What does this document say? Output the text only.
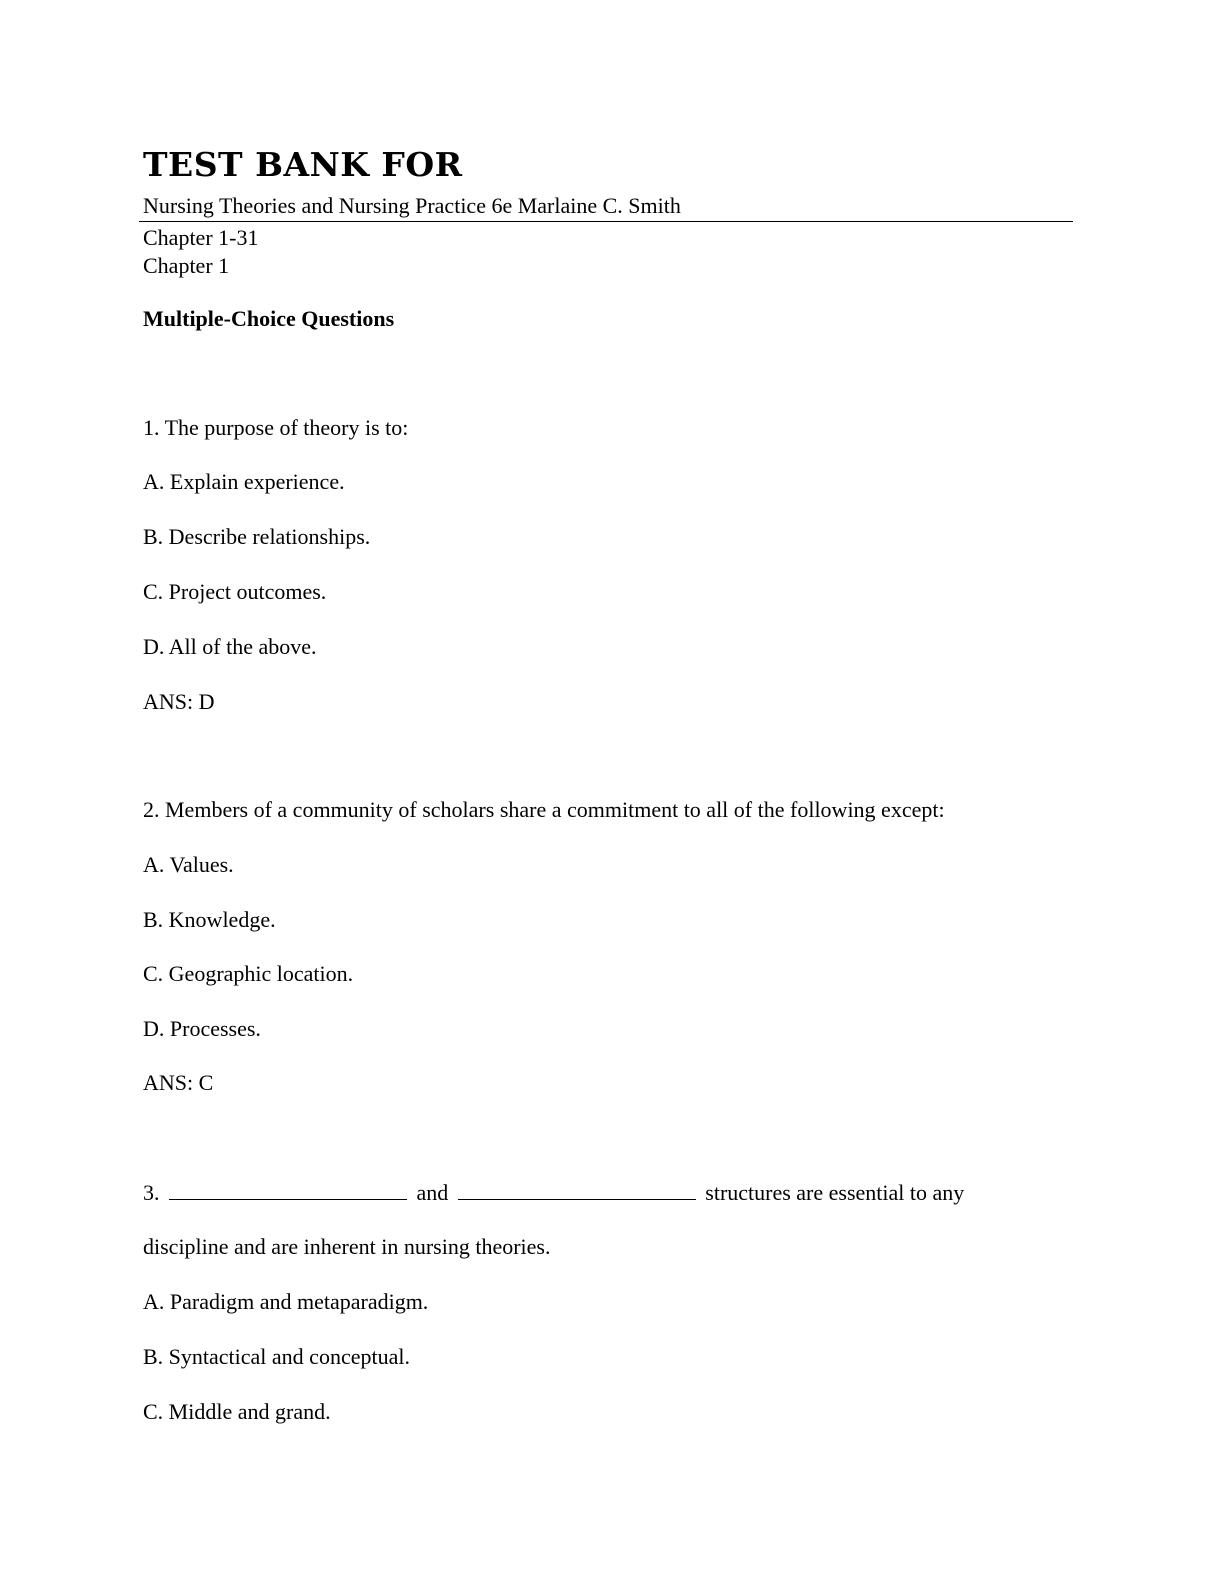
TEST BANK FOR
Nursing Theories and Nursing Practice 6e Marlaine C. Smith
Chapter 1-31
Chapter 1
Multiple-Choice Questions
1. The purpose of theory is to:
A. Explain experience.
B. Describe relationships.
C. Project outcomes.
D. All of the above.
ANS: D
2. Members of a community of scholars share a commitment to all of the following except:
A. Values.
B. Knowledge.
C. Geographic location.
D. Processes.
ANS: C
3.	and	structures are essential to any
discipline and are inherent in nursing theories.
A. Paradigm and metaparadigm.
B. Syntactical and conceptual.
C. Middle and grand.
